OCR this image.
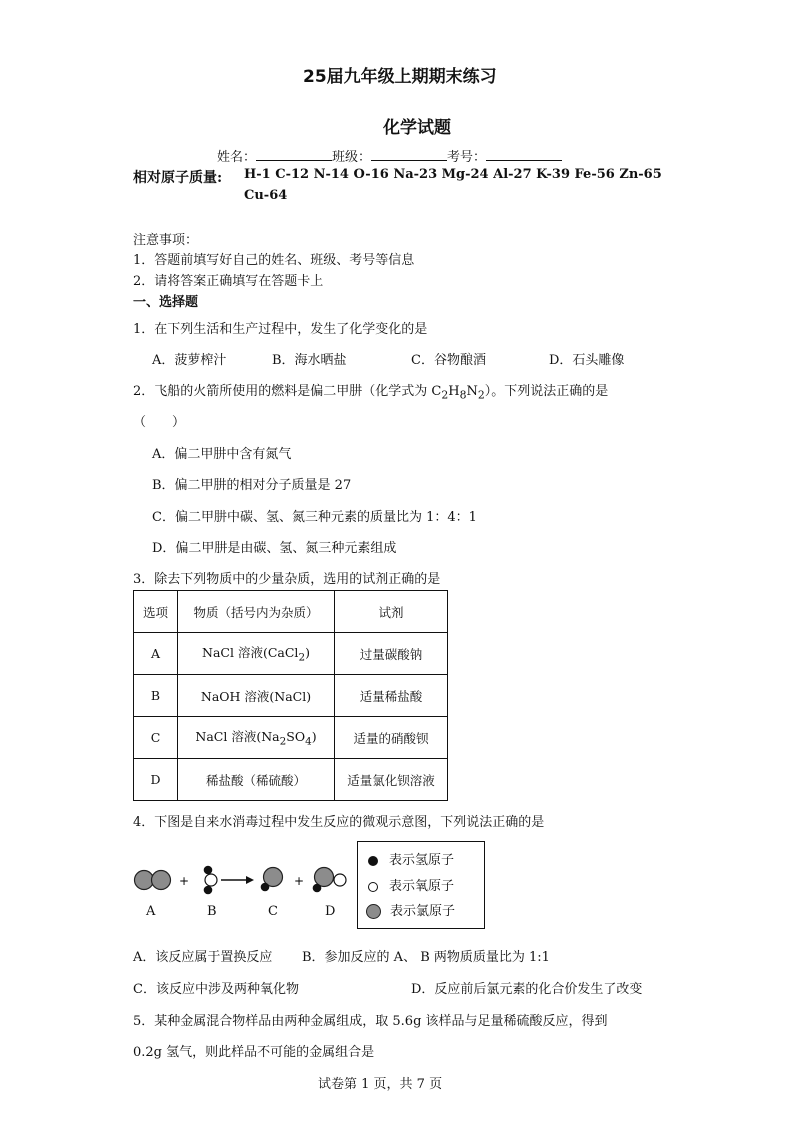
25届九年级上期期末练习
化学试题
姓名：	班级：	考号：
相对原子质量: H-1 C-12 N-14 O-16 Na-23 Mg-24 Al-27 K-39 Fe-56 Zn-65
Cu-64
注意事项：
1．答题前填写好自己的姓名、班级、考号等信息
2．请将答案正确填写在答题卡上
一、选择题
1．在下列生活和生产过程中，发生了化学变化的是
A．菠萝榨汁	B．海水晒盐	C．谷物酿酒	D．石头雕像
2．飞船的火箭所使用的燃料是偏二甲肼（化学式为 $C_2H_8N_2$）。下列说法正确的是
（　　）
A．偏二甲肼中含有氮气
B．偏二甲肼的相对分子质量是 27
C．偏二甲肼中碳、氢、氮三种元素的质量比为 1：4：1
D．偏二甲肼是由碳、氢、氮三种元素组成
3．除去下列物质中的少量杂质，选用的试剂正确的是
选项	物质（括号内为杂质）	试剂
A	NaCl 溶液(CaCl$_2$)	过量碳酸钠
B	NaOH 溶液(NaCl)	适量稀盐酸
C	NaCl 溶液$(Na_2SO_4)$	适量的硝酸钡
D	稀盐酸（稀硫酸）	适量氯化钡溶液
4．下图是自来水消毒过程中发生反应的微观示意图，下列说法正确的是
+	+
A	B	C	D
表示氢原子
表示氧原子
表示氯原子
A．该反应属于置换反应 B．参加反应的 A、 B 两物质质量比为 1:1
C．该反应中涉及两种氧化物	D．反应前后氯元素的化合价发生了改变
5．某种金属混合物样品由两种金属组成，取 5.6g 该样品与足量稀硫酸反应，得到
0.2g 氢气，则此样品不可能的金属组合是
试卷第 1 页，共 7 页
